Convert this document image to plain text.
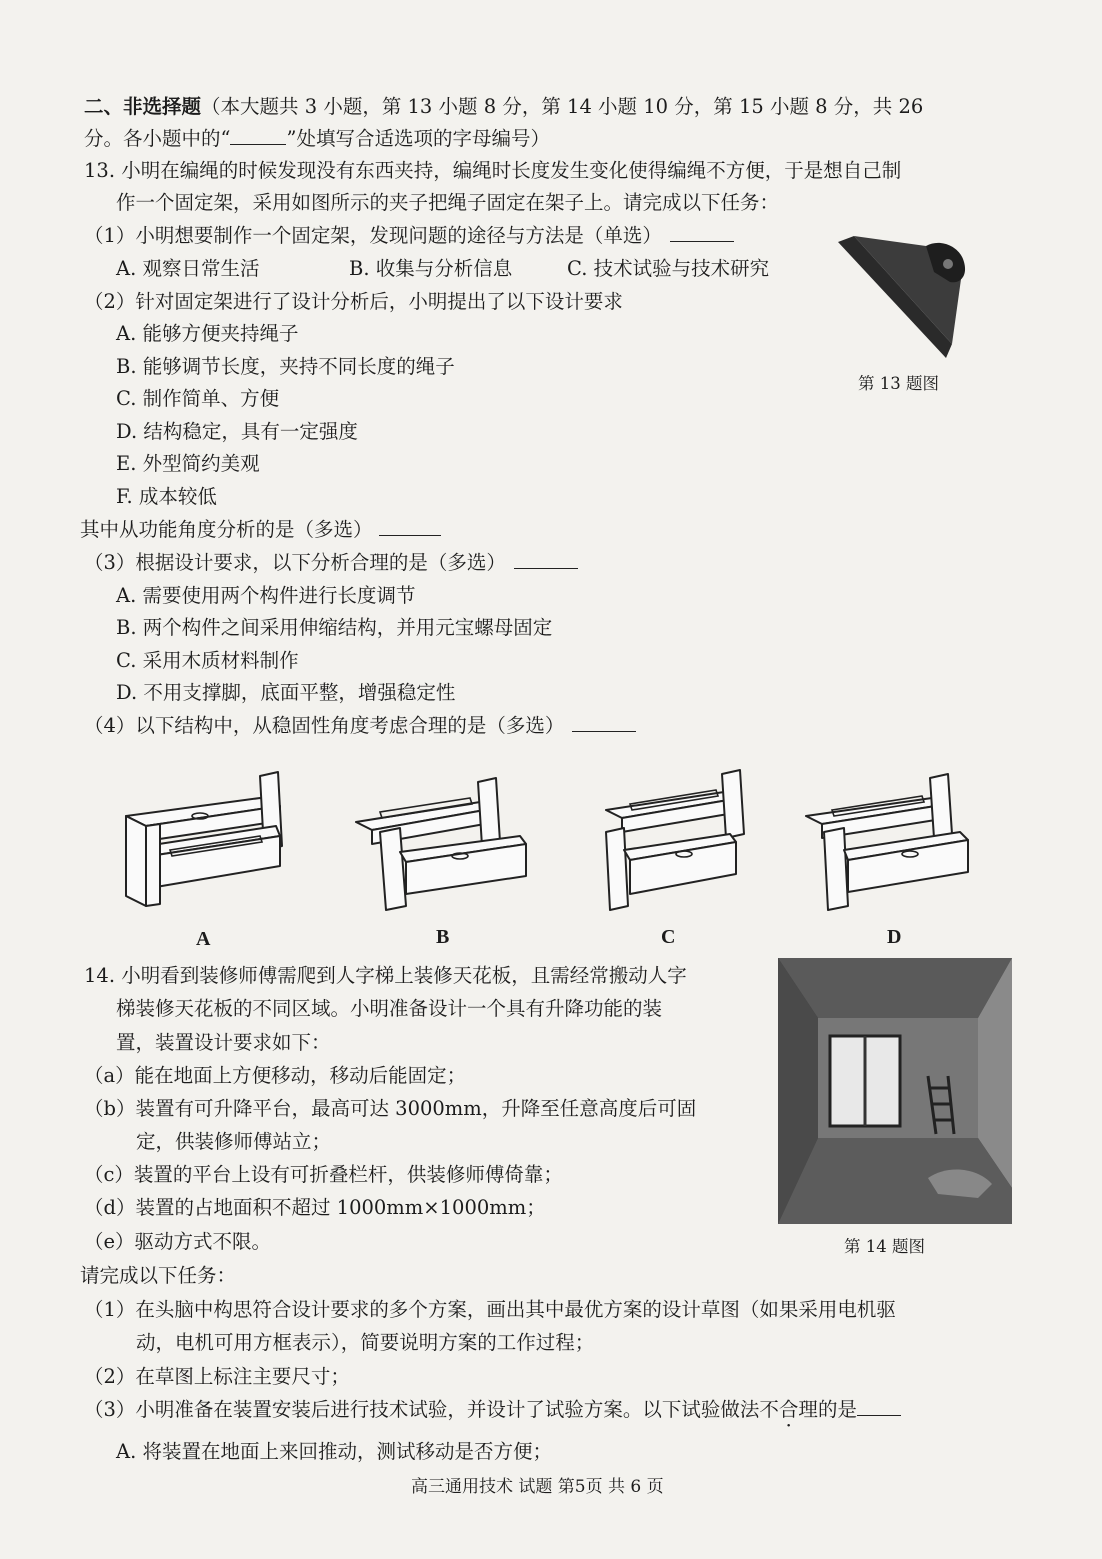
二、非选择题（本大题共 3 小题，第 13 小题 8 分，第 14 小题 10 分，第 15 小题 8 分，共 26
分。各小题中的“	”处填写合适选项的字母编号）
13. 小明在编绳的时候发现没有东西夹持，编绳时长度发生变化使得编绳不方便，于是想自己制
作一个固定架，采用如图所示的夹子把绳子固定在架子上。请完成以下任务：
（1）小明想要制作一个固定架，发现问题的途径与方法是（单选）
A. 观察日常生活	B. 收集与分析信息	C. 技术试验与技术研究
（2）针对固定架进行了设计分析后，小明提出了以下设计要求
A. 能够方便夹持绳子
B. 能够调节长度，夹持不同长度的绳子
C. 制作简单、方便
D. 结构稳定，具有一定强度
E. 外型简约美观
F. 成本较低
其中从功能角度分析的是（多选）
（3）根据设计要求，以下分析合理的是（多选）
A. 需要使用两个构件进行长度调节
B. 两个构件之间采用伸缩结构，并用元宝螺母固定
C. 采用木质材料制作
D. 不用支撑脚，底面平整，增强稳定性
（4）以下结构中，从稳固性角度考虑合理的是（多选）
第 13 题图
A	B	C	D
14. 小明看到装修师傅需爬到人字梯上装修天花板，且需经常搬动人字
梯装修天花板的不同区域。小明准备设计一个具有升降功能的装
置，装置设计要求如下：
（a）能在地面上方便移动，移动后能固定；
（b）装置有可升降平台，最高可达 3000mm，升降至任意高度后可固
定，供装修师傅站立；
（c）装置的平台上设有可折叠栏杆，供装修师傅倚靠；
（d）装置的占地面积不超过 1000mm×1000mm；
（e）驱动方式不限。
请完成以下任务：
（1）在头脑中构思符合设计要求的多个方案，画出其中最优方案的设计草图（如果采用电机驱
动，电机可用方框表示），简要说明方案的工作过程；
（2）在草图上标注主要尺寸；
（3）小明准备在装置安装后进行技术试验，并设计了试验方案。以下试验做法不合理的是
A. 将装置在地面上来回推动，测试移动是否方便；
第 14 题图
高三通用技术 试题 第5页 共 6 页
